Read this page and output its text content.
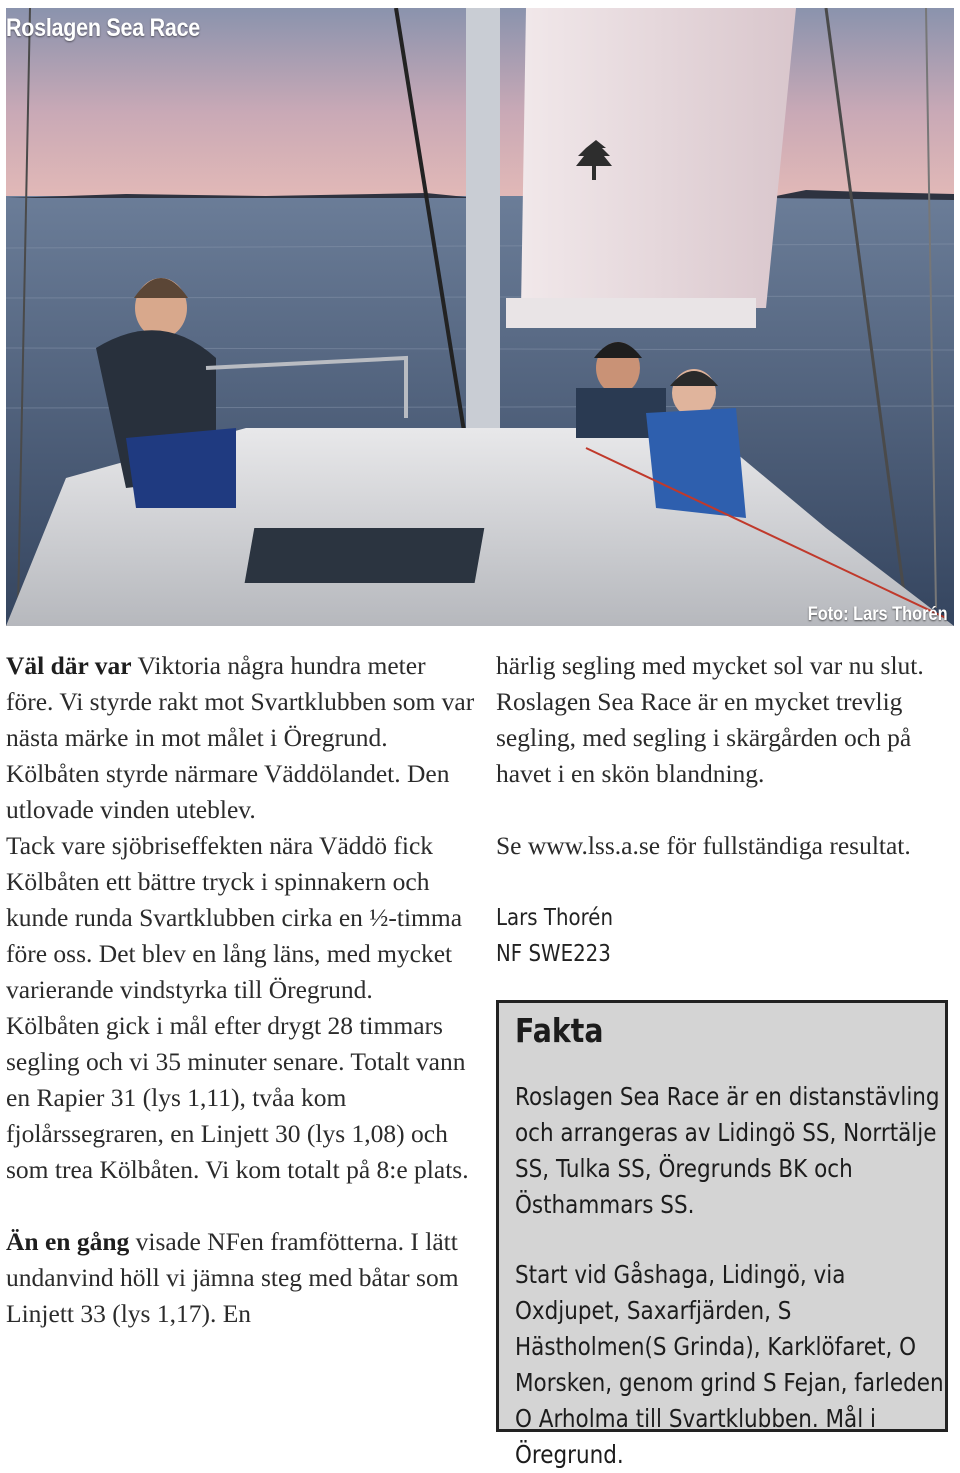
Roslagen Sea Race
Foto: Lars Thorén

Väl där var Viktoria några hundra meter före. Vi styrde rakt mot Svartklubben som var nästa märke in mot målet i Öregrund. Kölbåten styrde närmare Väddölandet. Den utlovade vinden uteblev.

Tack vare sjöbriseffekten nära Väddö fick Kölbåten ett bättre tryck i spinnakern och kunde runda Svartklubben cirka en ½-timma före oss. Det blev en lång läns, med mycket varierande vindstyrka till Öregrund.

Kölbåten gick i mål efter drygt 28 timmars segling och vi 35 minuter senare. Totalt vann en Rapier 31 (lys 1,11), tvåa kom fjolårssegraren, en Linjett 30 (lys 1,08) och som trea Kölbåten. Vi kom totalt på 8:e plats.

Än en gång visade NFen framfötterna. I lätt undanvind höll vi jämna steg med båtar som Linjett 33 (lys 1,17). En

härlig segling med mycket sol var nu slut. Roslagen Sea Race är en mycket trevlig segling, med segling i skärgården och på havet i en skön blandning.

Se www.lss.a.se för fullständiga resultat.

Lars Thorén
NF SWE223
Fakta

Roslagen Sea Race är en distanstävling och arrangeras av Lidingö SS, Norrtälje SS, Tulka SS, Öregrunds BK och Östhammars SS.

Start vid Gåshaga, Lidingö, via Oxdjupet, Saxarfjärden, S Hästholmen(S Grinda), Karklöfaret, O Morsken, genom grind S Fejan, farleden O Arholma till Svartklubben. Mål i Öregrund.
